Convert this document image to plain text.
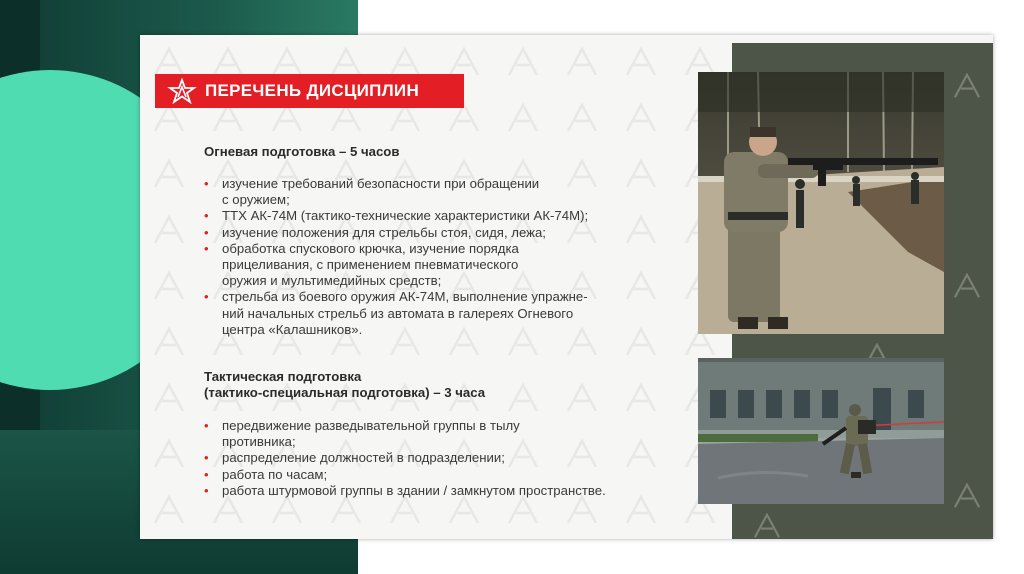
ПЕРЕЧЕНЬ ДИСЦИПЛИН
Огневая подготовка – 5 часов
• изучение требований безопасности при обращении
с оружием;
• ТТХ АК-74М (тактико-технические характеристики АК-74М);
• изучение положения для стрельбы стоя, сидя, лежа;
• обработка спускового крючка, изучение порядка
прицеливания, с применением пневматического
оружия и мультимедийных средств;
• стрельба из боевого оружия АК-74М, выполнение упражне-
ний начальных стрельб из автомата в галереях Огневого
центра «Калашников».
Тактическая подготовка
(тактико-специальная подготовка) – 3 часа
• передвижение разведывательной группы в тылу
противника;
• распределение должностей в подразделении;
• работа по часам;
• работа штурмовой группы в здании / замкнутом пространстве.
